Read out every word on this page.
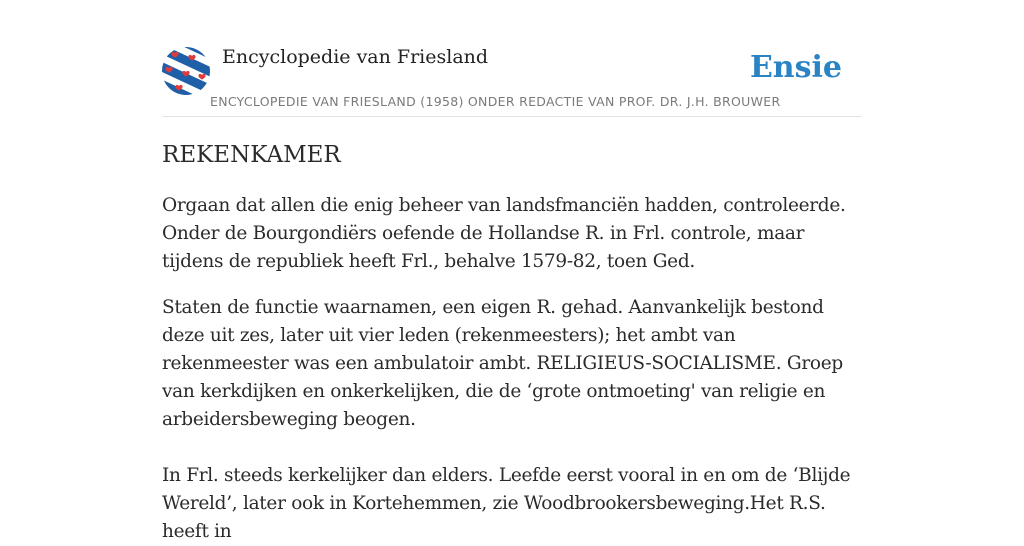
Encyclopedie van Friesland
ENCYCLOPEDIE VAN FRIESLAND (1958) ONDER REDACTIE VAN PROF. DR. J.H. BROUWER
Ensie
REKENKAMER

Orgaan dat allen die enig beheer van landsfmanciën hadden, controleerde. Onder de Bourgondiërs oefende de Hollandse R. in Frl. controle, maar tijdens de republiek heeft Frl., behalve 1579-82, toen Ged.

Staten de functie waarnamen, een eigen R. gehad. Aanvankelijk bestond deze uit zes, later uit vier leden (rekenmeesters); het ambt van rekenmeester was een ambulatoir ambt. RELIGIEUS-SOCIALISME. Groep van kerkdijken en onkerkelijken, die de ‘grote ontmoeting' van religie en arbeidersbeweging beogen.

In Frl. steeds kerkelijker dan elders. Leefde eerst vooral in en om de ‘Blijde Wereld’, later ook in Kortehemmen, zie Woodbrookersbeweging.Het R.S. heeft in
